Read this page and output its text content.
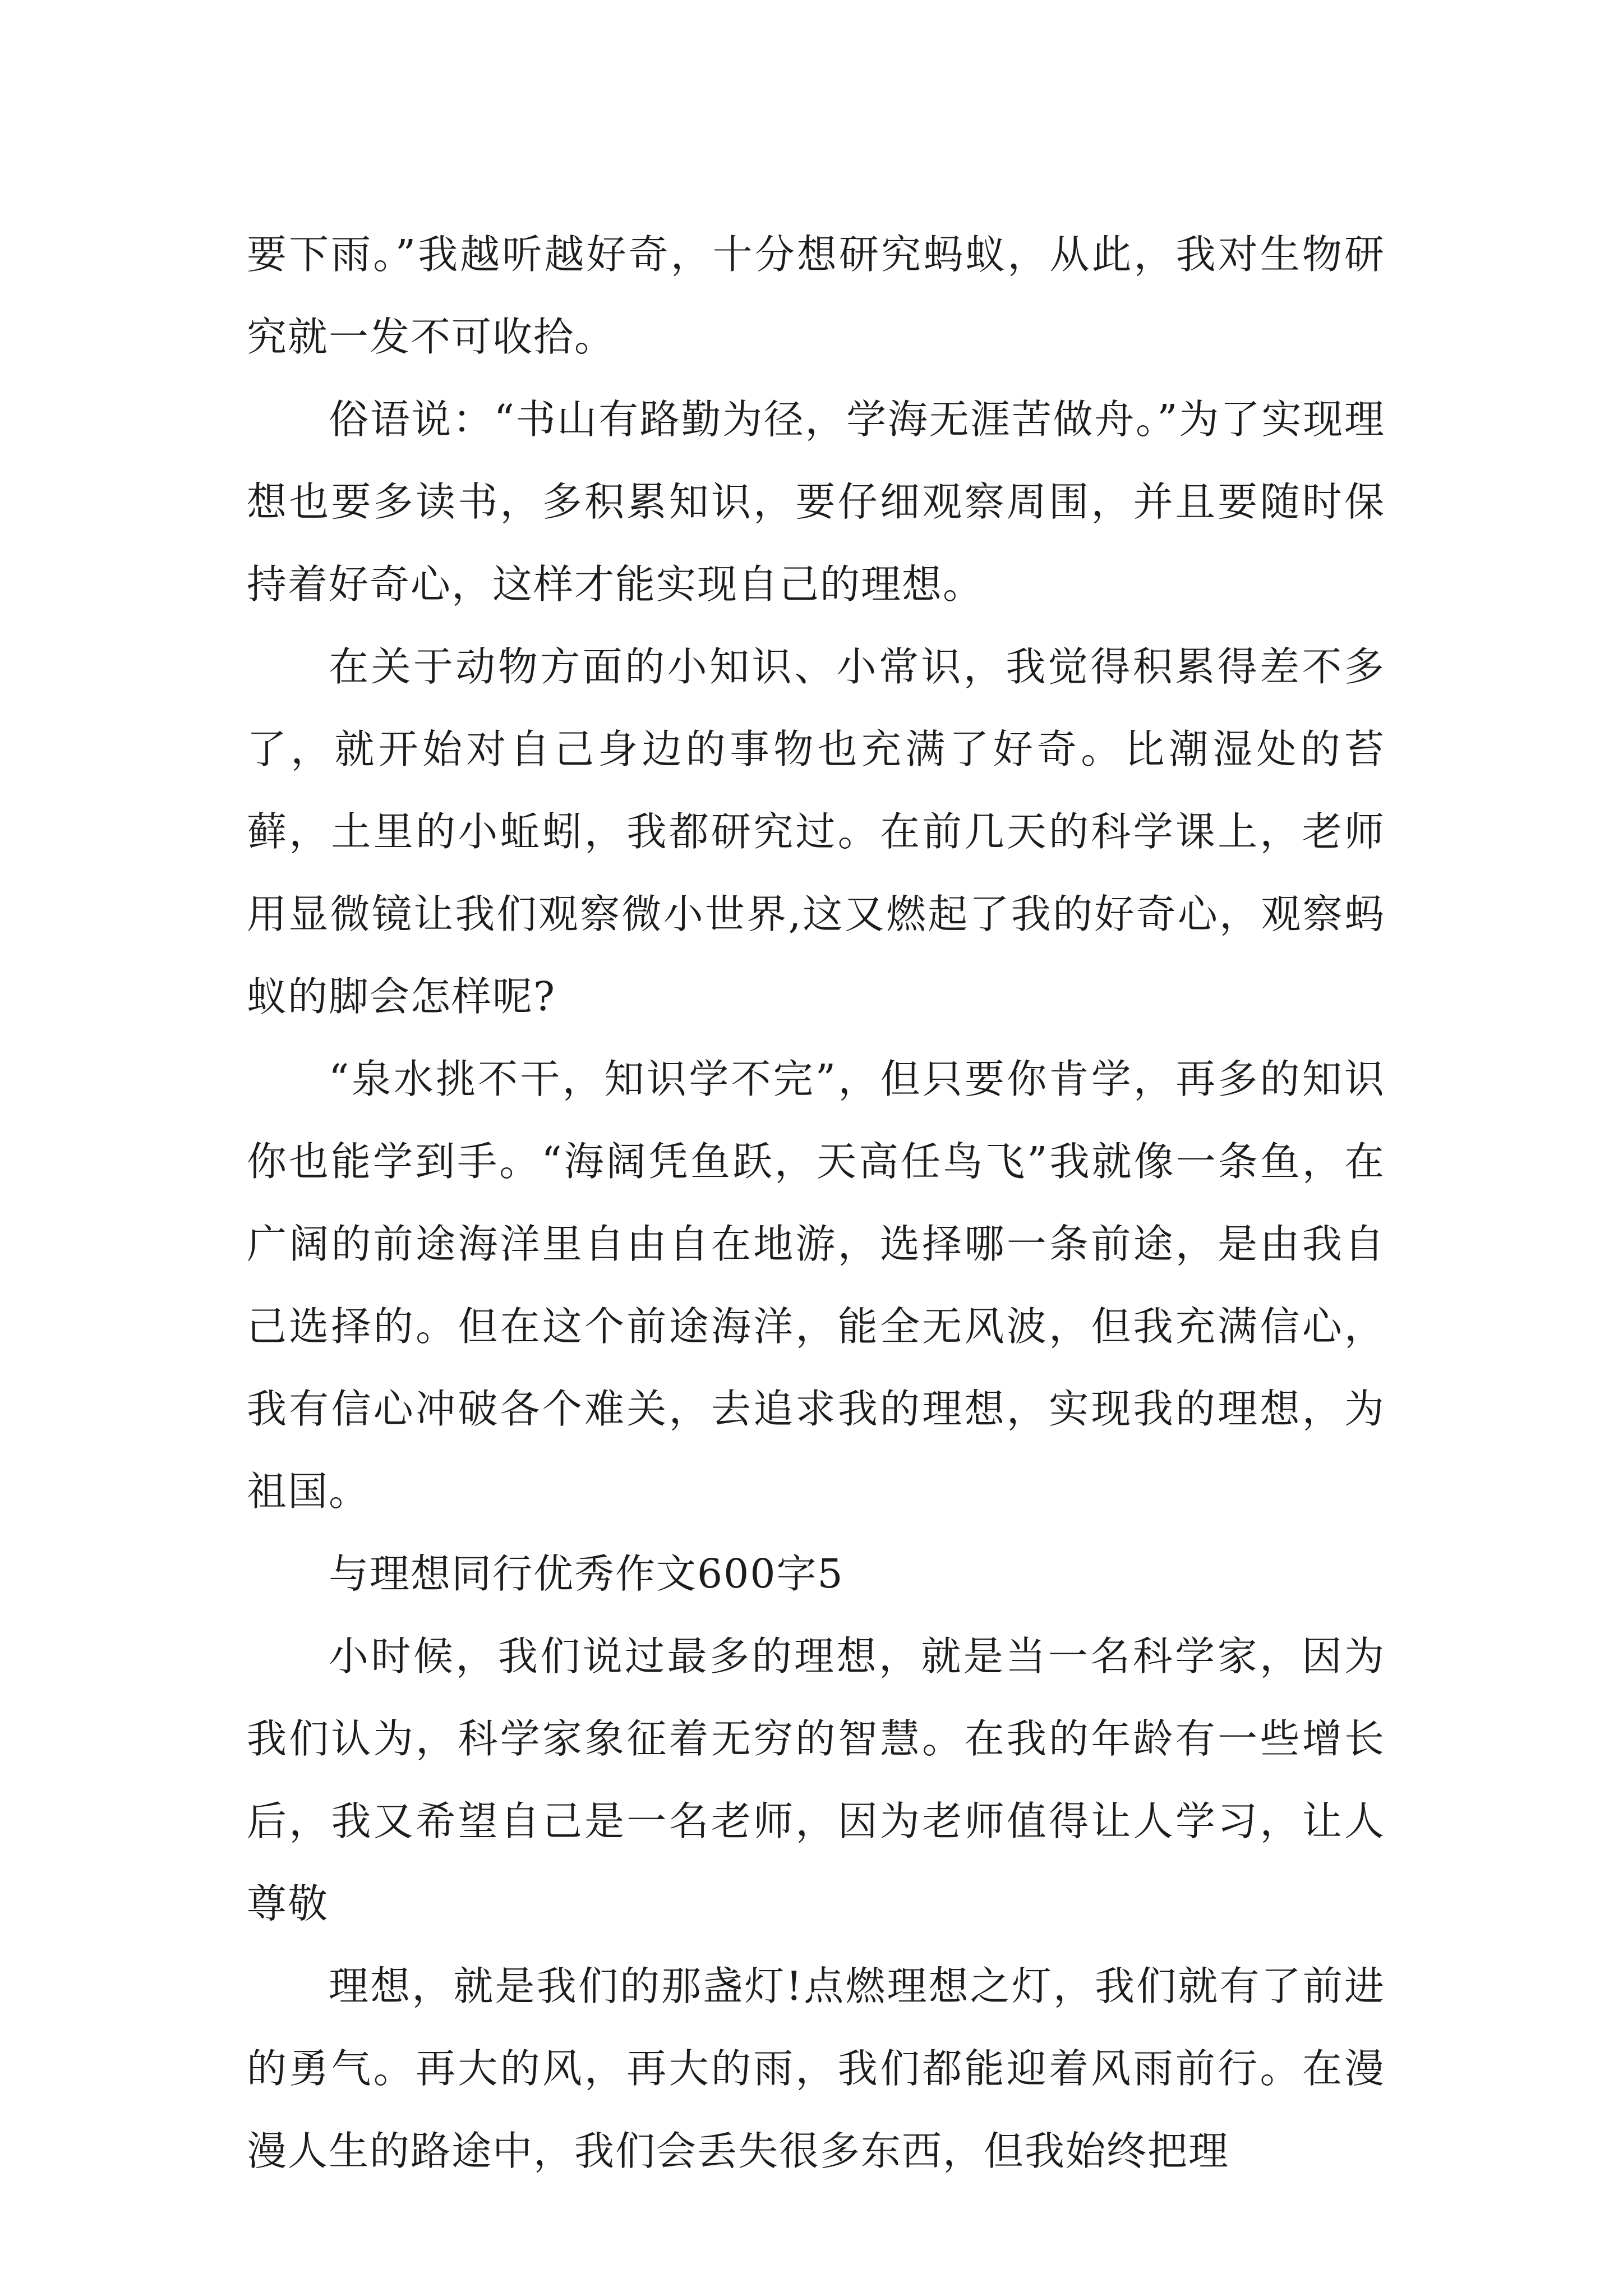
要下雨。”我越听越好奇，十分想研究蚂蚁，从此，我对生物研究就一发不可收拾。

俗语说：“书山有路勤为径，学海无涯苦做舟。”为了实现理想也要多读书，多积累知识，要仔细观察周围，并且要随时保持着好奇心，这样才能实现自己的理想。

在关于动物方面的小知识、小常识，我觉得积累得差不多了，就开始对自己身边的事物也充满了好奇。比潮湿处的苔藓，土里的小蚯蚓，我都研究过。在前几天的科学课上，老师用显微镜让我们观察微小世界,这又燃起了我的好奇心，观察蚂蚁的脚会怎样呢?

“泉水挑不干，知识学不完”，但只要你肯学，再多的知识你也能学到手。“海阔凭鱼跃，天高任鸟飞”我就像一条鱼，在广阔的前途海洋里自由自在地游，选择哪一条前途，是由我自己选择的。但在这个前途海洋，能全无风波，但我充满信心，我有信心冲破各个难关，去追求我的理想，实现我的理想，为祖国。

与理想同行优秀作文600字5

小时候，我们说过最多的理想，就是当一名科学家，因为我们认为，科学家象征着无穷的智慧。在我的年龄有一些增长后，我又希望自己是一名老师，因为老师值得让人学习，让人尊敬

理想，就是我们的那盏灯!点燃理想之灯，我们就有了前进的勇气。再大的风，再大的雨，我们都能迎着风雨前行。在漫漫人生的路途中，我们会丢失很多东西，但我始终把理
